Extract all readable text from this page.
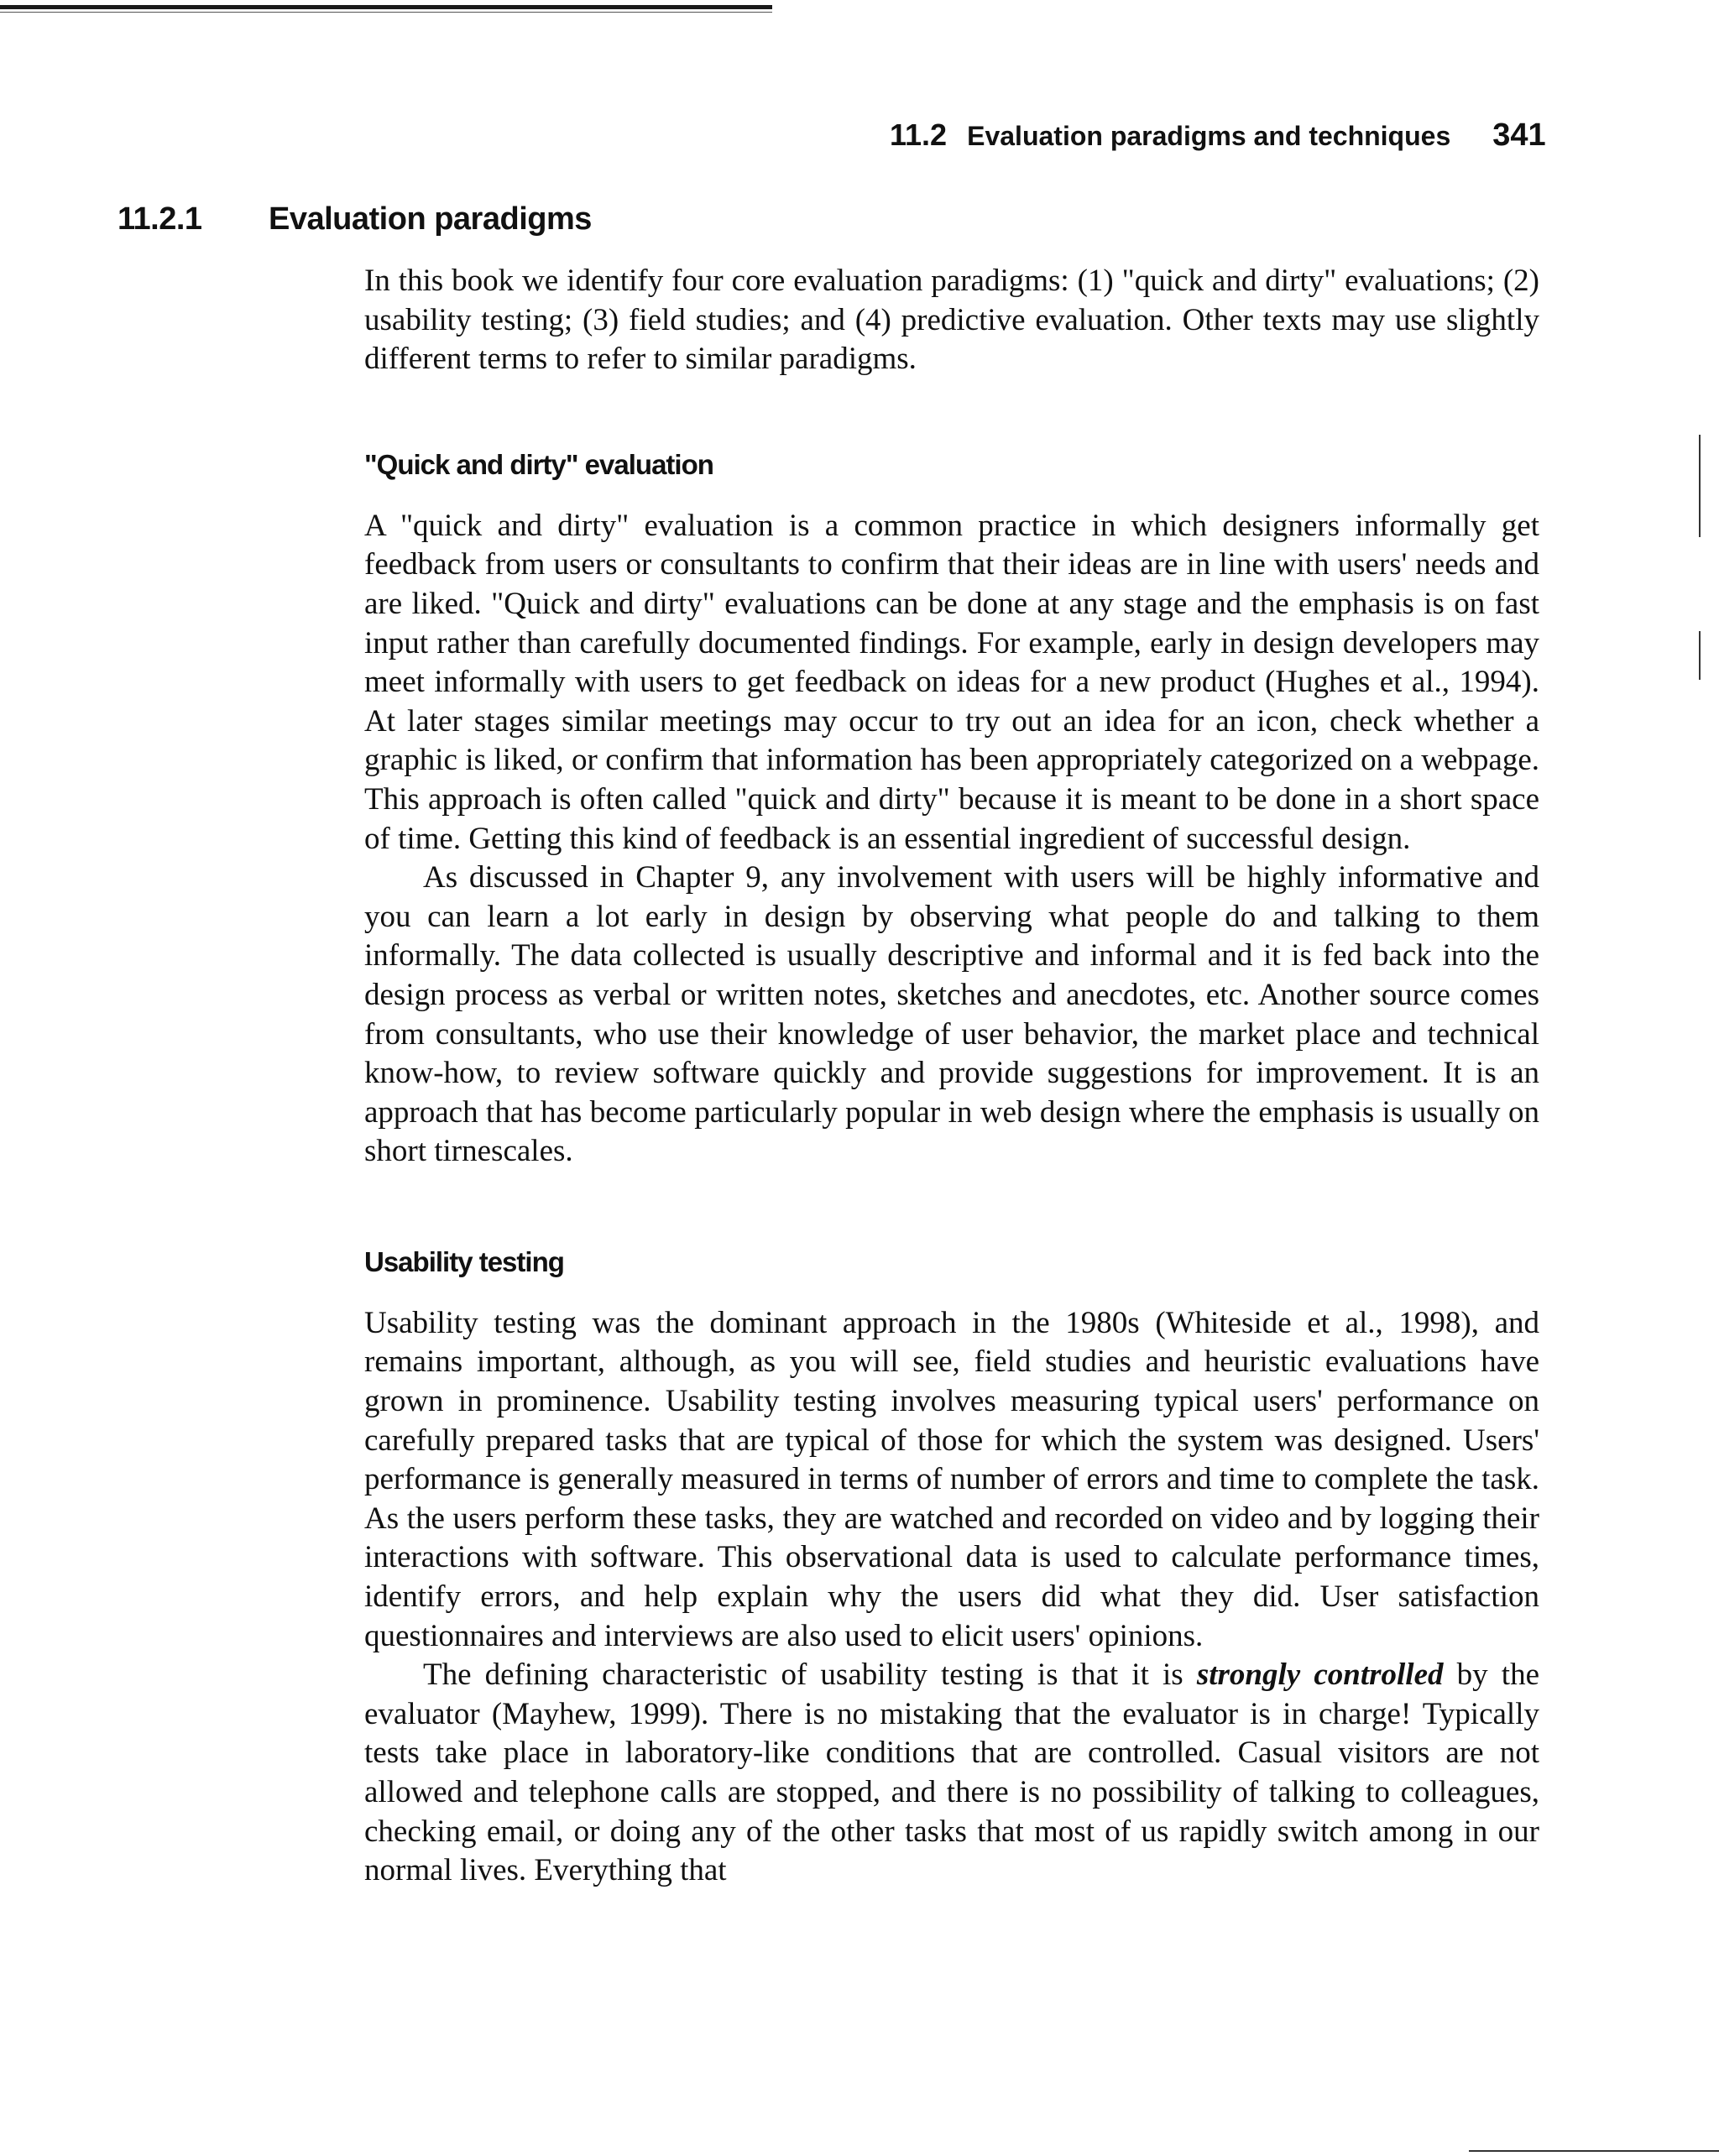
11.2 Evaluation paradigms and techniques 341
11.2.1 Evaluation paradigms

In this book we identify four core evaluation paradigms: (1) "quick and dirty" evaluations; (2) usability testing; (3) field studies; and (4) predictive evaluation. Other texts may use slightly different terms to refer to similar paradigms.

"Quick and dirty" evaluation

A "quick and dirty" evaluation is a common practice in which designers informally get feedback from users or consultants to confirm that their ideas are in line with users' needs and are liked. "Quick and dirty" evaluations can be done at any stage and the emphasis is on fast input rather than carefully documented findings. For example, early in design developers may meet informally with users to get feedback on ideas for a new product (Hughes et al., 1994). At later stages similar meetings may occur to try out an idea for an icon, check whether a graphic is liked, or confirm that information has been appropriately categorized on a webpage. This approach is often called "quick and dirty" because it is meant to be done in a short space of time. Getting this kind of feedback is an essential ingredient of successful design.

As discussed in Chapter 9, any involvement with users will be highly informative and you can learn a lot early in design by observing what people do and talking to them informally. The data collected is usually descriptive and informal and it is fed back into the design process as verbal or written notes, sketches and anecdotes, etc. Another source comes from consultants, who use their knowledge of user behavior, the market place and technical know-how, to review software quickly and provide suggestions for improvement. It is an approach that has become particularly popular in web design where the emphasis is usually on short tirnescales.

Usability testing

Usability testing was the dominant approach in the 1980s (Whiteside et al., 1998), and remains important, although, as you will see, field studies and heuristic evaluations have grown in prominence. Usability testing involves measuring typical users' performance on carefully prepared tasks that are typical of those for which the system was designed. Users' performance is generally measured in terms of number of errors and time to complete the task. As the users perform these tasks, they are watched and recorded on video and by logging their interactions with software. This observational data is used to calculate performance times, identify errors, and help explain why the users did what they did. User satisfaction questionnaires and interviews are also used to elicit users' opinions.

The defining characteristic of usability testing is that it is strongly controlled by the evaluator (Mayhew, 1999). There is no mistaking that the evaluator is in charge! Typically tests take place in laboratory-like conditions that are controlled. Casual visitors are not allowed and telephone calls are stopped, and there is no possibility of talking to colleagues, checking email, or doing any of the other tasks that most of us rapidly switch among in our normal lives. Everything that
